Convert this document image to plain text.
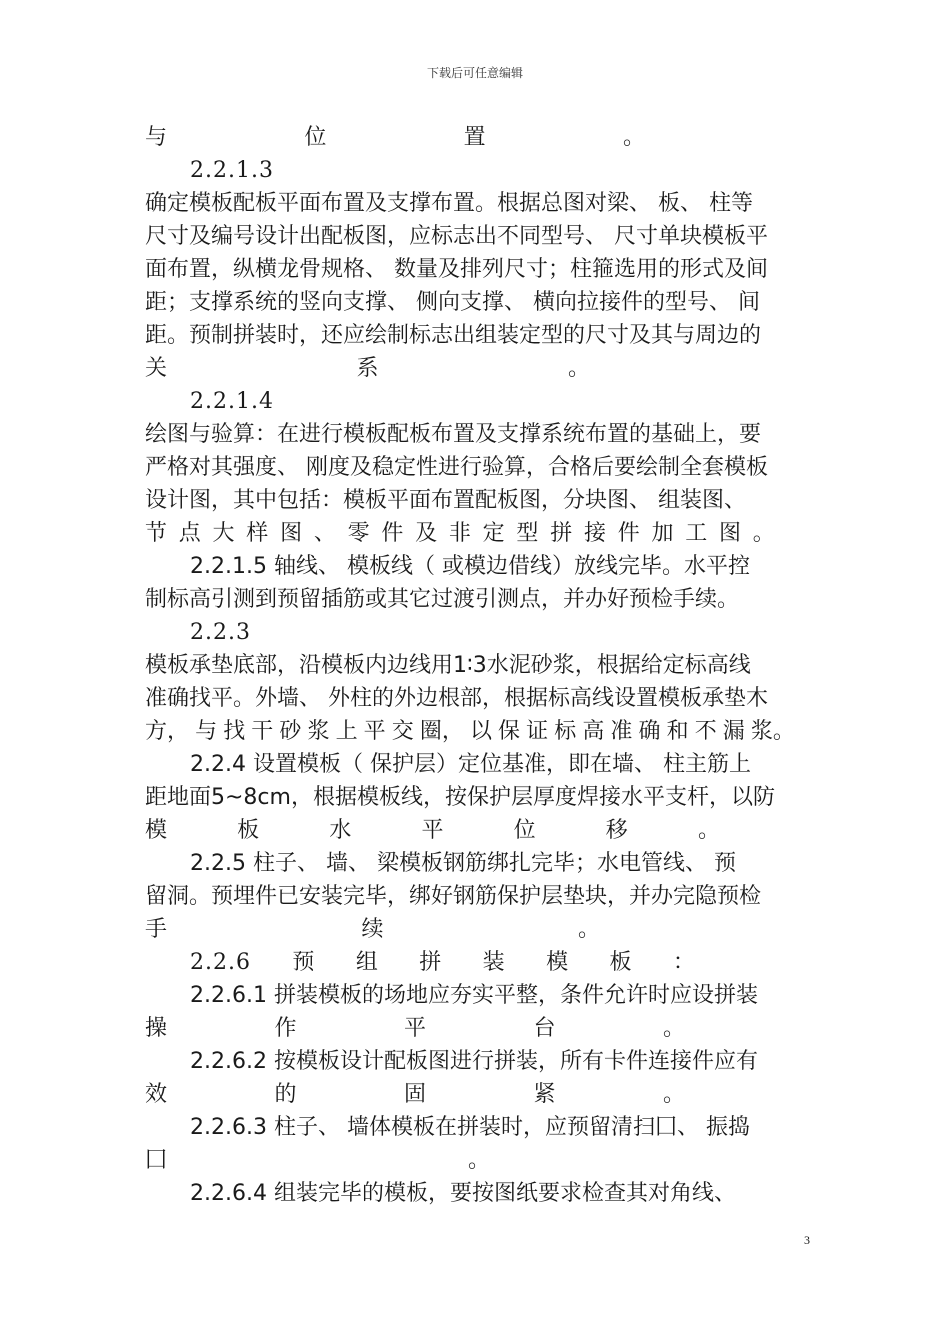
下载后可任意编辑
与	位	置	。
2.2.1.3
确定模板配板平面布置及支撑布置。根据总图对梁、 板、 柱等
尺寸及编号设计出配板图，应标志出不同型号、 尺寸单块模板平
面布置，纵横龙骨规格、 数量及排列尺寸；柱箍选用的形式及间
距；支撑系统的竖向支撑、 侧向支撑、 横向拉接件的型号、 间
距。预制拼装时，还应绘制标志出组装定型的尺寸及其与周边的
关	系	。
2.2.1.4
绘图与验算：在进行模板配板布置及支撑系统布置的基础上，要
严格对其强度、 刚度及稳定性进行验算，合格后要绘制全套模板
设计图，其中包括：模板平面布置配板图，分块图、 组装图、
节 点 大 样 图 、 零 件 及 非 定 型 拼 接 件 加 工 图 。
2.2.1.5 轴线、 模板线（ 或模边借线）放线完毕。水平控
制标高引测到预留插筋或其它过渡引测点，并办好预检手续。
2.2.3
模板承垫底部，沿模板内边线用1∶3水泥砂浆，根据给定标高线
准确找平。外墙、 外柱的外边根部，根据标高线设置模板承垫木
方， 与 找 干 砂 浆 上 平 交 圈， 以 保 证 标 高 准 确 和 不 漏 浆。
2.2.4 设置模板（ 保护层）定位基准，即在墙、 柱主筋上
距地面5~8cm，根据模板线，按保护层厚度焊接水平支杆，以防
模	板	水	平	位	移	。
2.2.5 柱子、 墙、 梁模板钢筋绑扎完毕；水电管线、 预
留洞。预埋件已安装完毕，绑好钢筋保护层垫块，并办完隐预检
手	续	。
2.2.6 预 组 拼 装 模 板 ：
2.2.6.1 拼装模板的场地应夯实平整，条件允许时应设拼装
操	作	平	台	。
2.2.6.2 按模板设计配板图进行拼装，所有卡件连接件应有
效	的	固	紧	。
2.2.6.3 柱子、 墙体模板在拼装时，应预留清扫囗、 振捣
囗	。
2.2.6.4 组装完毕的模板，要按图纸要求检查其对角线、
3
